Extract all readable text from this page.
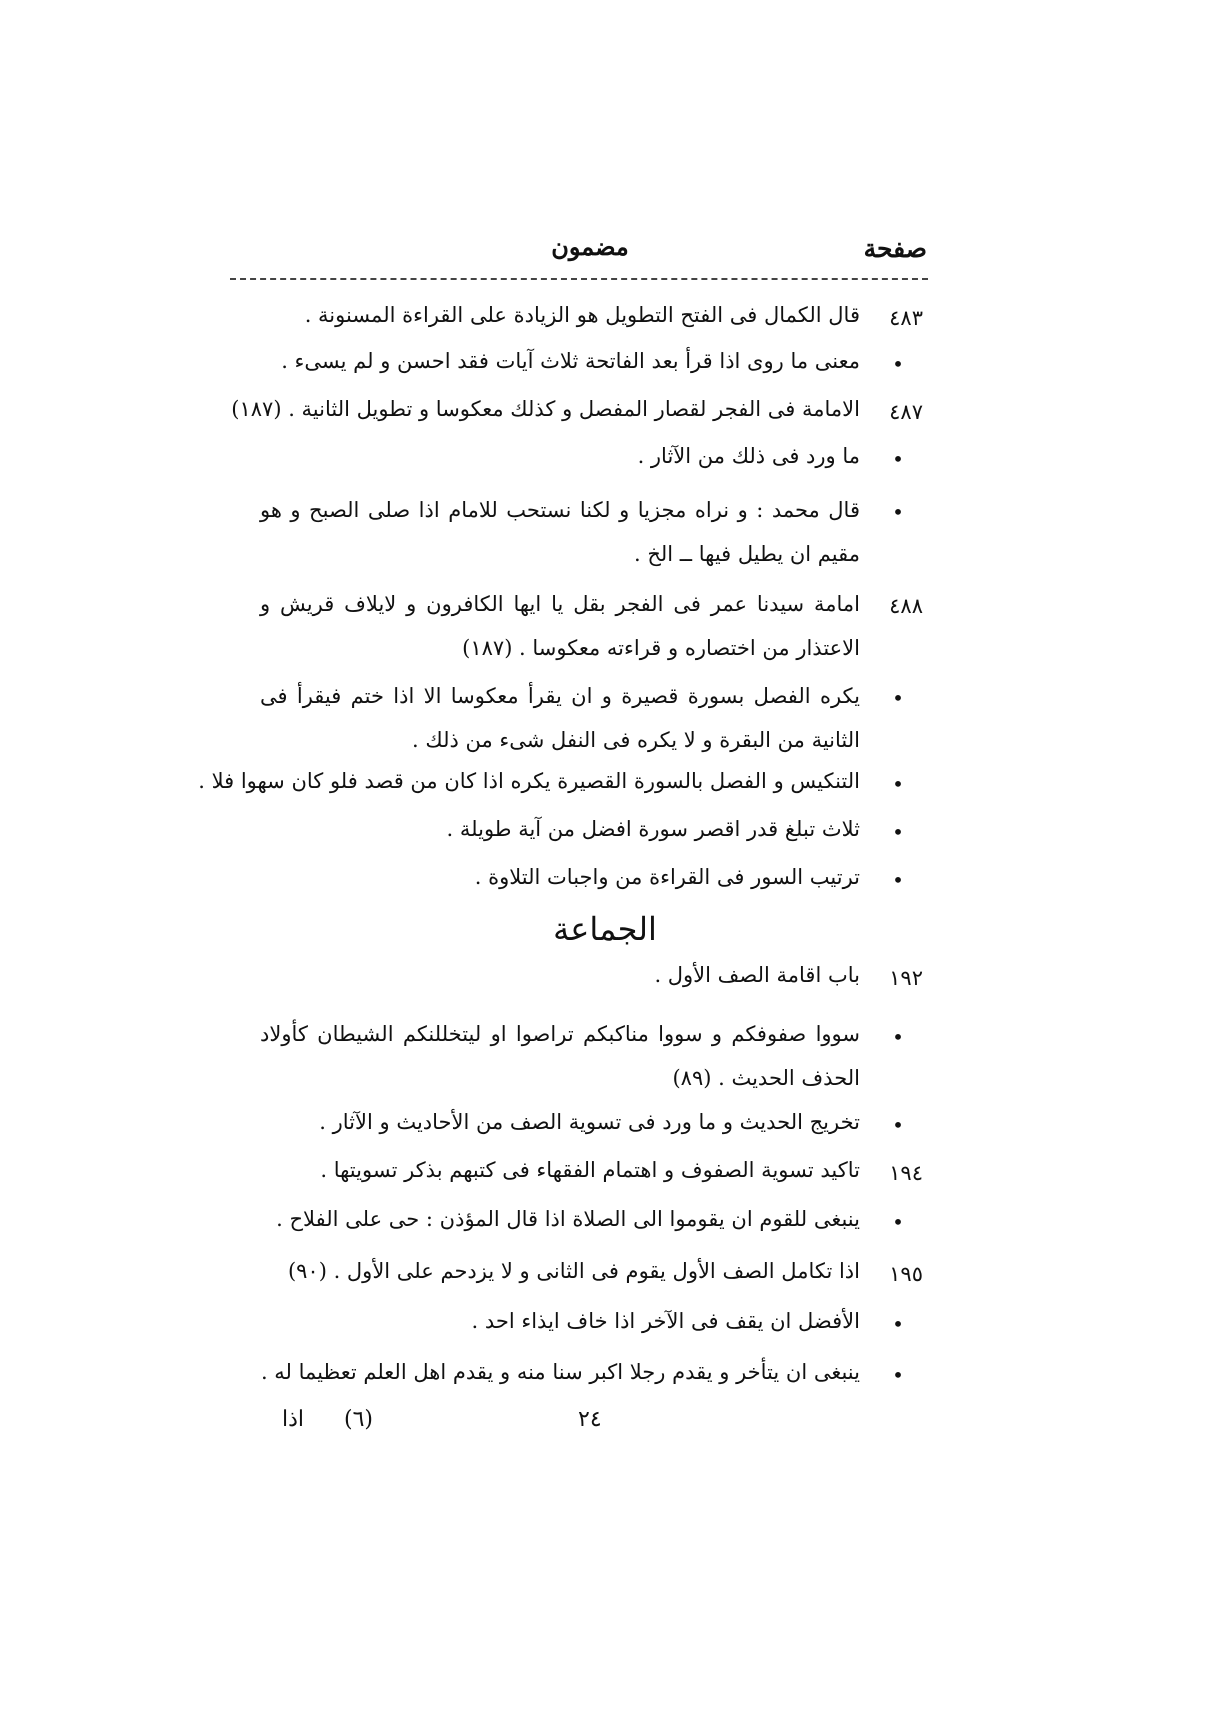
صفحة
مضمون
٤٨٣
قال الكمال فى الفتح التطويل هو الزيادة على القراءة المسنونة .
•
معنى ما روى اذا قرأ بعد الفاتحة ثلاث آيات فقد احسن و لم يسىء .
٤٨٧
الامامة فى الفجر لقصار المفصل و كذلك معكوسا و تطويل الثانية . (١٨٧)
•
ما ورد فى ذلك من الآثار .
•
قال محمد : و نراه مجزيا و لكنا نستحب للامام اذا صلى الصبح و هو مقيم ان يطيل فيها ــ الخ .
٤٨٨
امامة سيدنا عمر فى الفجر بقل يا ايها الكافرون و لايلاف قريش و الاعتذار من اختصاره و قراءته معكوسا . (١٨٧)
•
يكره الفصل بسورة قصيرة و ان يقرأ معكوسا الا اذا ختم فيقرأ فى الثانية من البقرة و لا يكره فى النفل شىء من ذلك .
•
التنكيس و الفصل بالسورة القصيرة يكره اذا كان من قصد فلو كان سهوا فلا .
•
ثلاث تبلغ قدر اقصر سورة افضل من آية طويلة .
•
ترتيب السور فى القراءة من واجبات التلاوة .
الجماعة
١٩٢
باب اقامة الصف الأول .
•
سووا صفوفكم و سووا مناكبكم تراصوا او ليتخللنكم الشيطان كأولاد الحذف الحديث . (٨٩)
•
تخريج الحديث و ما ورد فى تسوية الصف من الأحاديث و الآثار .
١٩٤
تاكيد تسوية الصفوف و اهتمام الفقهاء فى كتبهم بذكر تسويتها .
•
ينبغى للقوم ان يقوموا الى الصلاة اذا قال المؤذن : حى على الفلاح .
١٩٥
اذا تكامل الصف الأول يقوم فى الثانى و لا يزدحم على الأول . (٩٠)
•
الأفضل ان يقف فى الآخر اذا خاف ايذاء احد .
•
ينبغى ان يتأخر و يقدم رجلا اكبر سنا منه و يقدم اهل العلم تعظيما له .
٢٤
(٦)
اذا
